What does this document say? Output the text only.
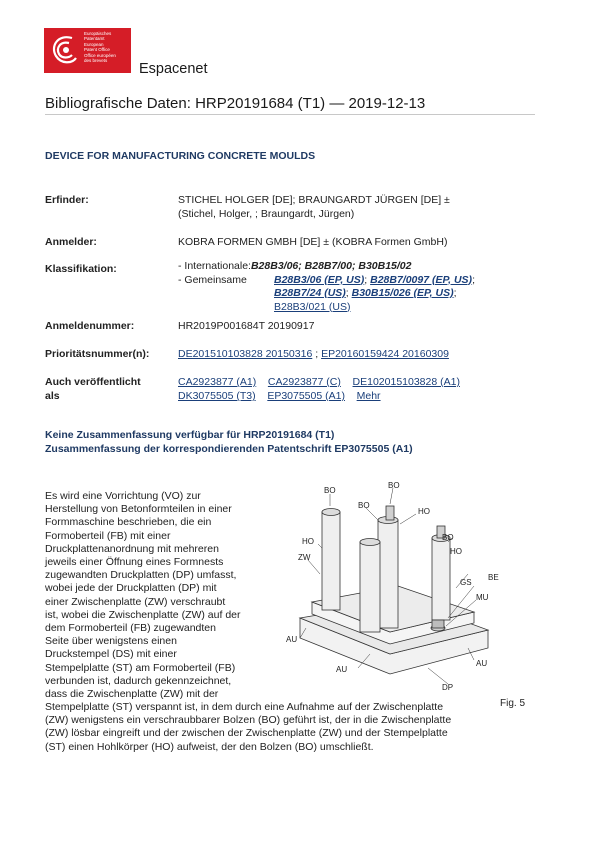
Europäisches
Patentamt
European
Patent Office
Office européen
des brevets
Espacenet
Bibliografische Daten: HRP20191684 (T1) — 2019-12-13
DEVICE FOR MANUFACTURING CONCRETE MOULDS
Erfinder:	STICHEL HOLGER [DE]; BRAUNGARDT JÜRGEN [DE] ±
(Stichel, Holger, ; Braungardt, Jürgen)
Anmelder:	KOBRA FORMEN GMBH [DE] ± (KOBRA Formen GmbH)
Klassifikation:	- Internationale:B28B3/06; B28B7/00; B30B15/02
- Gemeinsame	B28B3/06 (EP, US); B28B7/0097 (EP, US);
B28B7/24 (US); B30B15/026 (EP, US);
B28B3/021 (US)
Anmeldenummer:	HR2019P001684T 20190917
Prioritätsnummer(n):	DE201510103828 20150316 ; EP20160159424 20160309
Auch veröffentlicht
als
CA2923877 (A1) CA2923877 (C) DE102015103828 (A1)
DK3075505 (T3) EP3075505 (A1) Mehr
Keine Zusammenfassung verfügbar für HRP20191684 (T1)
Zusammenfassung der korrespondierenden Patentschrift EP3075505 (A1)
Es wird eine Vorrichtung (VO) zur
Herstellung von Betonformteilen in einer
Formmaschine beschrieben, die ein
Formoberteil (FB) mit einer
Druckplattenanordnung mit mehreren
jeweils einer Öffnung eines Formnests
zugewandten Druckplatten (DP) umfasst,
wobei jede der Druckplatten (DP) mit
einer Zwischenplatte (ZW) verschraubt
ist, wobei die Zwischenplatte (ZW) auf der
dem Formoberteil (FB) zugewandten
Seite über wenigstens einen
Druckstempel (DS) mit einer
Stempelplatte (ST) am Formoberteil (FB)
verbunden ist, dadurch gekennzeichnet,
dass die Zwischenplatte (ZW) mit der
Stempelplatte (ST) verspannt ist, in dem durch eine Aufnahme auf der Zwischenplatte
(ZW) wenigstens ein verschraubbarer Bolzen (BO) geführt ist, der in die Zwischenplatte
(ZW) lösbar eingreift und der zwischen der Zwischenplatte (ZW) und der Stempelplatte
(ST) einen Hohlkörper (HO) aufweist, der den Bolzen (BO) umschließt.
BO
BO
BO
BO
HO
HO
HO
ZW
GS
BE
MU
AU
AU
AU
DP
Fig. 5
